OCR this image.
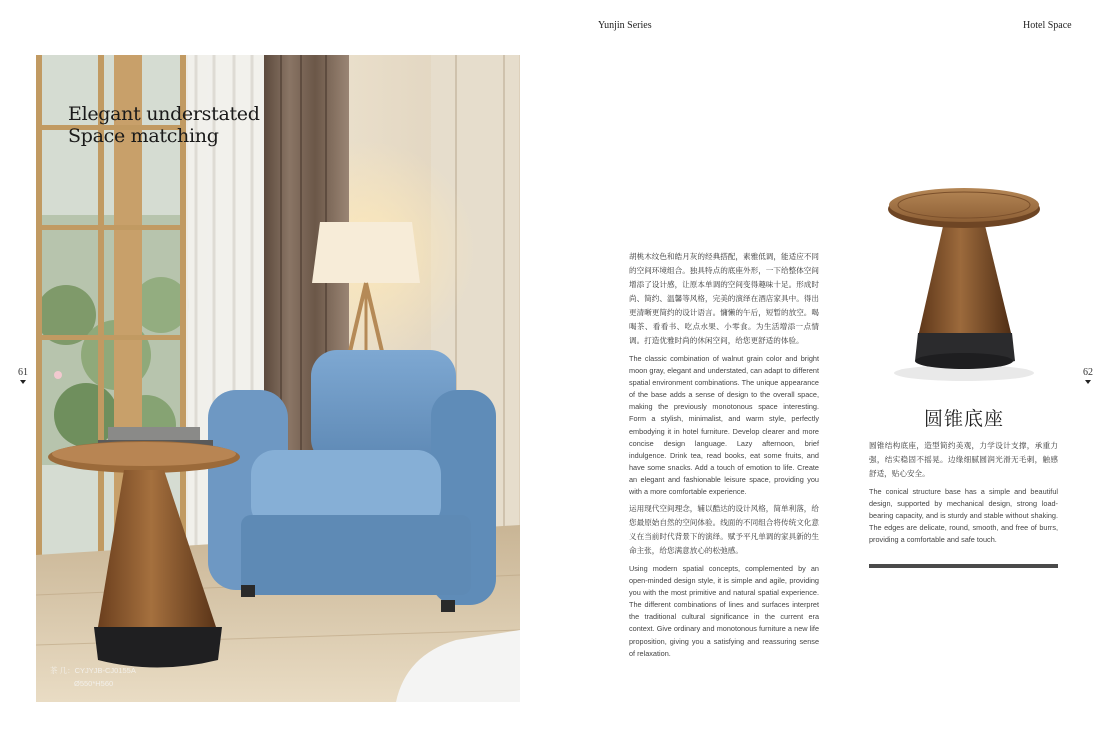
Yunjin Series	Hotel Space
61	62
Elegant understated
Space matching
茶 几：CYJYJB-CJ0155A
Ø550*H560
胡桃木纹色和皓月灰的经典搭配，素雅低调，能适应不同的空间环境组合。独具特点的底座外形，一下给整体空间增添了设计感，让原本单调的空间变得趣味十足。形成时尚、简约、温馨等风格，完美的演绎在酒店家具中。得出更清晰更简约的设计语言。慵懒的午后，短暂的放空。喝喝茶、看看书、吃点水果、小零食。为生活增添一点情调。打造优雅时尚的休闲空间，给您更舒适的体验。
The classic combination of walnut grain color and bright moon gray, elegant and understated, can adapt to different spatial environment combinations. The unique appearance of the base adds a sense of design to the overall space, making the previously monotonous space interesting. Form a stylish, minimalist, and warm style, perfectly embodying it in hotel furniture. Develop clearer and more concise design language. Lazy afternoon, brief indulgence. Drink tea, read books, eat some fruits, and have some snacks. Add a touch of emotion to life. Create an elegant and fashionable leisure space, providing you with a more comfortable experience.
运用现代空间理念，辅以酷达的设计风格，简单利落，给您最原始自然的空间体验。线面的不同组合将传统文化意义在当前时代背景下的演绎。赋予平凡单调的家具新的生命主张，给您满意放心的松弛感。
Using modern spatial concepts, complemented by an open-minded design style, it is simple and agile, providing you with the most primitive and natural spatial experience. The different combinations of lines and surfaces interpret the traditional cultural significance in the current era context. Give ordinary and monotonous furniture a new life proposition, giving you a satisfying and reassuring sense of relaxation.
圆锥底座
圆锥结构底座，造型简约美观，力学设计支撑，承重力强，结实稳固不摇晃。边缘细腻圆润光滑无毛刺，触感舒适，贴心安全。
The conical structure base has a simple and beautiful design, supported by mechanical design, strong load-bearing capacity, and is sturdy and stable without shaking. The edges are delicate, round, smooth, and free of burrs, providing a comfortable and safe touch.
